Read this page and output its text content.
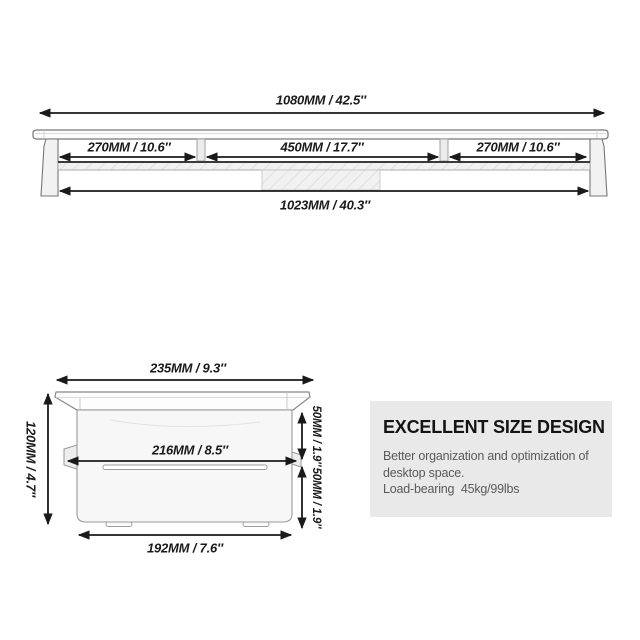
1080MM / 42.5″
270MM / 10.6″	450MM / 17.7″	270MM / 10.6″
1023MM / 40.3″
235MM / 9.3″
120MM / 4.7″	216MM / 8.5″	50MM / 1.9″
50MM / 1.9″
192MM / 7.6″
EXCELLENT SIZE DESIGN
Better organization and optimization of
desktop space.
Load-bearing  45kg/99lbs
